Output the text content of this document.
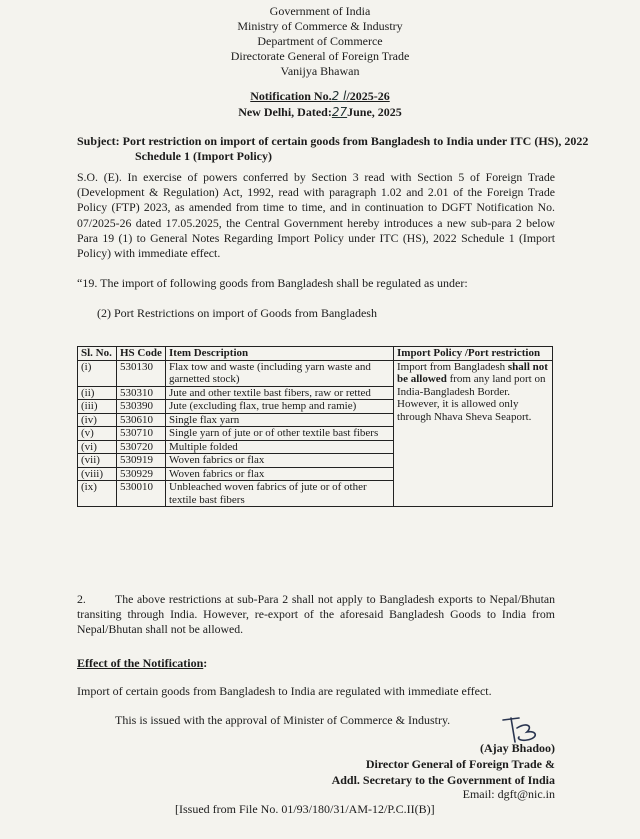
Government of India
Ministry of Commerce & Industry
Department of Commerce
Directorate General of Foreign Trade
Vanijya Bhawan
Notification No.2 l/2025-26
New Delhi, Dated:27June, 2025
Subject: Port restriction on import of certain goods from Bangladesh to India under ITC (HS), 2022 Schedule 1 (Import Policy)
S.O. (E). In exercise of powers conferred by Section 3 read with Section 5 of Foreign Trade (Development & Regulation) Act, 1992, read with paragraph 1.02 and 2.01 of the Foreign Trade Policy (FTP) 2023, as amended from time to time, and in continuation to DGFT Notification No. 07/2025-26 dated 17.05.2025, the Central Government hereby introduces a new sub-para 2 below Para 19 (1) to General Notes Regarding Import Policy under ITC (HS), 2022 Schedule 1 (Import Policy) with immediate effect.
“19. The import of following goods from Bangladesh shall be regulated as under:
(2) Port Restrictions on import of Goods from Bangladesh
Sl. No.	HS Code	Item Description	Import Policy /Port restriction
(i)	530130	Flax tow and waste (including yarn waste and garnetted stock)	Import from Bangladesh shall not be allowed from any land port on India-Bangladesh Border. However, it is allowed only through Nhava Sheva Seaport.
(ii)	530310	Jute and other textile bast fibers, raw or retted	
(iii)	530390	Jute (excluding flax, true hemp and ramie)	
(iv)	530610	Single flax yarn	
(v)	530710	Single yarn of jute or of other textile bast fibers	
(vi)	530720	Multiple folded	
(vii)	530919	Woven fabrics or flax	
(viii)	530929	Woven fabrics or flax	
(ix)	530010	Unbleached woven fabrics of jute or of other textile bast fibers	
2. The above restrictions at sub-Para 2 shall not apply to Bangladesh exports to Nepal/Bhutan transiting through India. However, re-export of the aforesaid Bangladesh Goods to India from Nepal/Bhutan shall not be allowed.
Effect of the Notification:
Import of certain goods from Bangladesh to India are regulated with immediate effect.
This is issued with the approval of Minister of Commerce & Industry.
(Ajay Bhadoo)
Director General of Foreign Trade &
Addl. Secretary to the Government of India
Email: dgft@nic.in
[Issued from File No. 01/93/180/31/AM-12/P.C.II(B)]
